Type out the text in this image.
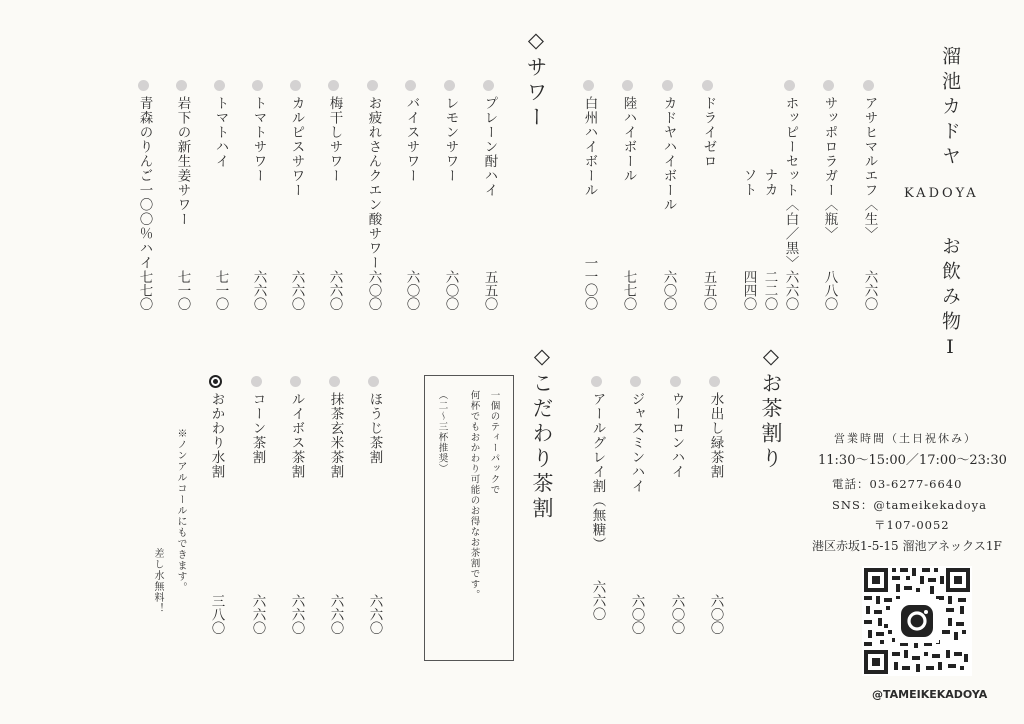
溜池カドヤ
KADOYA
お飲み物Ⅰ
アサヒマルエフ〈生〉
六六〇
サッポロラガー〈瓶〉
八八〇
ホッピーセット〈白／黒〉
六六〇
ナカ
二二〇
ソト
四四〇
ドライゼロ
五五〇
カドヤハイボール
六〇〇
陸ハイボール
七七〇
白州ハイボール
一一〇〇
◇サワー
プレーン酎ハイ
五五〇
レモンサワー
六〇〇
バイスサワー
六〇〇
お疲れさんクエン酸サワー
六〇〇
梅干しサワー
六六〇
カルピスサワー
六六〇
トマトサワー
六六〇
トマトハイ
七一〇
岩下の新生姜サワー
七一〇
青森のりんご一〇〇％ハイ
七七〇
◇お茶割り
水出し緑茶割
六〇〇
ウーロンハイ
六〇〇
ジャスミンハイ
六〇〇
アールグレイ割（無糖）
六六〇
◇こだわり茶割
一個のティーパックで
何杯でもおかわり可能のお得なお茶割です。
（二〜三杯推奨）
ほうじ茶割
六六〇
抹茶玄米茶割
六六〇
ルイボス茶割
六六〇
コーン茶割
六六〇
おかわり水割
三八〇
※ノンアルコールにもできます。
差し水無料！
営業時間（土日祝休み）
11:30〜15:00／17:00〜23:30
電話：03-6277-6640
SNS：@tameikekadoya
〒107-0052
港区赤坂1-5-15 溜池アネックス1F
@TAMEIKEKADOYA
